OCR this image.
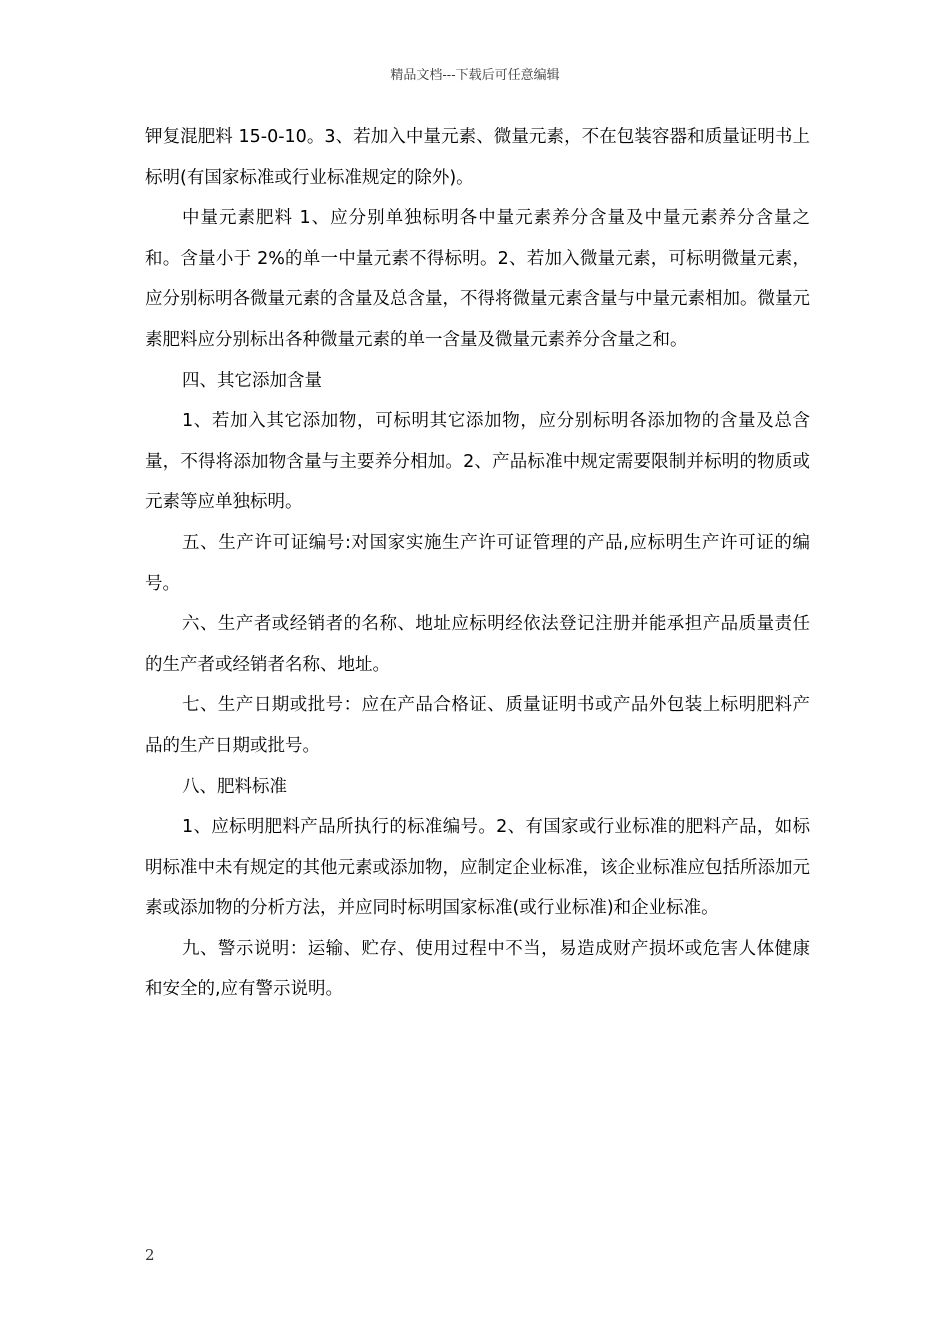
精品文档---下载后可任意编辑

钾复混肥料 15-0-10。3、若加入中量元素、微量元素，不在包装容器和质量证明书上标明(有国家标准或行业标准规定的除外)。

中量元素肥料 1、应分别单独标明各中量元素养分含量及中量元素养分含量之和。含量小于 2%的单一中量元素不得标明。2、若加入微量元素，可标明微量元素，应分别标明各微量元素的含量及总含量，不得将微量元素含量与中量元素相加。微量元素肥料应分别标出各种微量元素的单一含量及微量元素养分含量之和。

四、其它添加含量

1、若加入其它添加物，可标明其它添加物，应分别标明各添加物的含量及总含量，不得将添加物含量与主要养分相加。2、产品标准中规定需要限制并标明的物质或元素等应单独标明。

五、生产许可证编号:对国家实施生产许可证管理的产品,应标明生产许可证的编号。

六、生产者或经销者的名称、地址应标明经依法登记注册并能承担产品质量责任的生产者或经销者名称、地址。

七、生产日期或批号：应在产品合格证、质量证明书或产品外包装上标明肥料产品的生产日期或批号。

八、肥料标准

1、应标明肥料产品所执行的标准编号。2、有国家或行业标准的肥料产品，如标明标准中未有规定的其他元素或添加物，应制定企业标准，该企业标准应包括所添加元素或添加物的分析方法，并应同时标明国家标准(或行业标准)和企业标准。

九、警示说明：运输、贮存、使用过程中不当，易造成财产损坏或危害人体健康和安全的,应有警示说明。

2
